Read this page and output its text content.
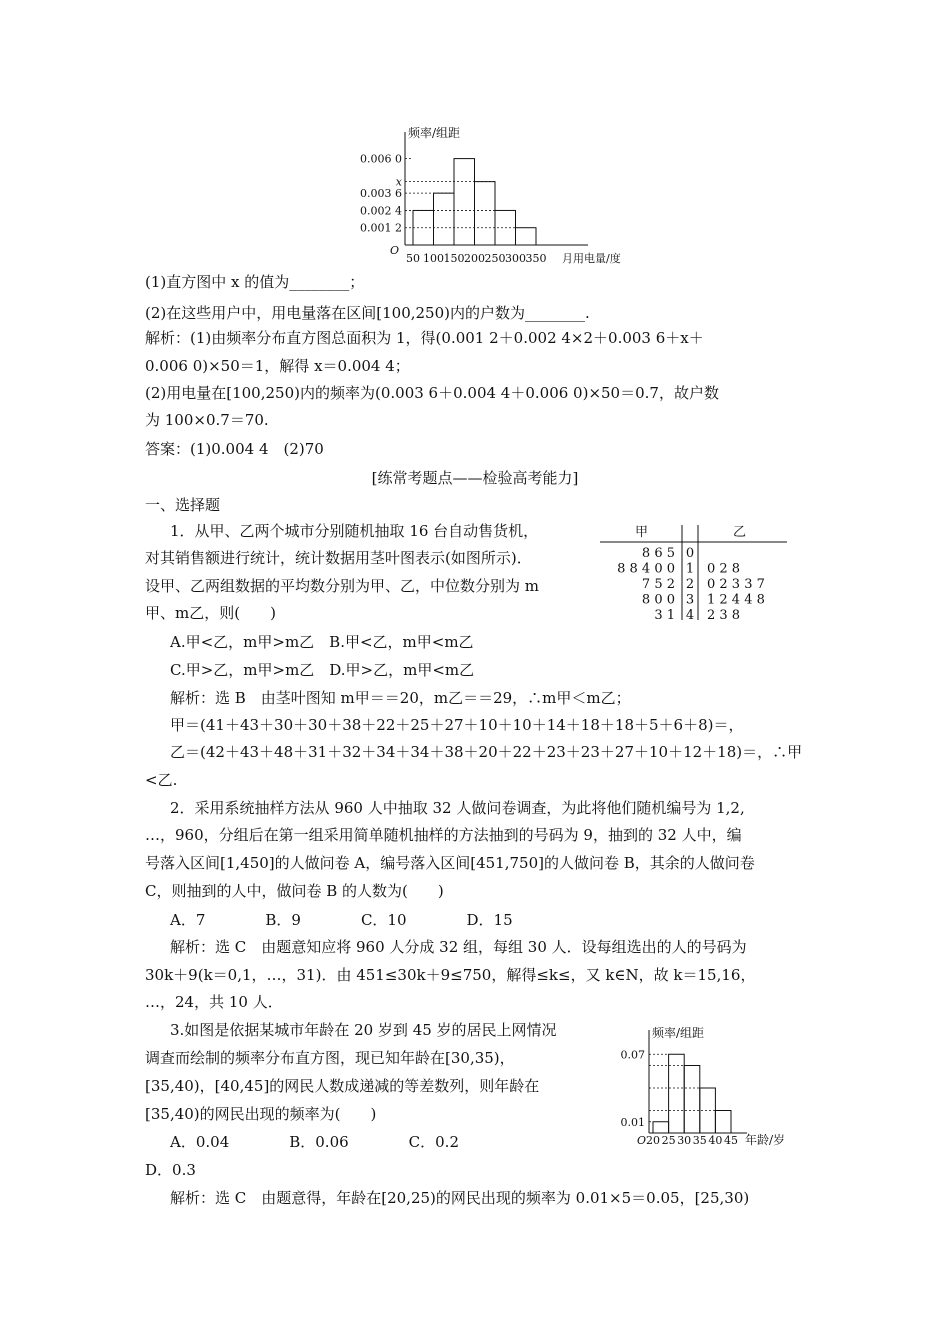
频率/组距
O
月用电量/度
0.006 0
x
0.003 6
0.002 4
0.001 2
50 100 150 200 250 300 350
(1)直方图中 x 的值为________；
(2)在这些用户中，用电量落在区间[100,250)内的户数为________.
解析：(1)由频率分布直方图总面积为 1，得(0.001 2＋0.002 4×2＋0.003 6＋x＋
0.006 0)×50＝1，解得 x＝0.004 4；
(2)用电量在[100,250)内的频率为(0.003 6＋0.004 4＋0.006 0)×50＝0.7，故户数
为 100×0.7＝70.
答案：(1)0.004 4　(2)70
[练常考题点——检验高考能力]
一、选择题
1．从甲、乙两个城市分别随机抽取 16 台自动售货机，
对其销售额进行统计，统计数据用茎叶图表示(如图所示)．
设甲、乙两组数据的平均数分别为甲、乙，中位数分别为 m
甲、m乙，则(　　)
甲	乙
8 6 5 0
8 8 4 0 0 1 0 2 8
7 5 2 2 0 2 3 3 7
8 0 0 3 1 2 4 4 8
3 1 4 2 3 8
A.甲<乙，m甲>m乙　B.甲<乙，m甲<m乙
C.甲>乙，m甲>m乙　D.甲>乙，m甲<m乙
解析：选 B　由茎叶图知 m甲＝＝20，m乙＝＝29，∴m甲＜m乙；
甲＝(41＋43＋30＋30＋38＋22＋25＋27＋10＋10＋14＋18＋18＋5＋6＋8)＝，
乙＝(42＋43＋48＋31＋32＋34＋34＋38＋20＋22＋23＋23＋27＋10＋12＋18)＝，∴甲
<乙.
2．采用系统抽样方法从 960 人中抽取 32 人做问卷调查，为此将他们随机编号为 1,2,
…，960，分组后在第一组采用简单随机抽样的方法抽到的号码为 9，抽到的 32 人中，编
号落入区间[1,450]的人做问卷 A，编号落入区间[451,750]的人做问卷 B，其余的人做问卷
C，则抽到的人中，做问卷 B 的人数为(　　)
A．7　　　　B．9　　　　C．10　　　　D．15
解析：选 C　由题意知应将 960 人分成 32 组，每组 30 人．设每组选出的人的号码为
30k＋9(k＝0,1，…，31)．由 451≤30k＋9≤750，解得≤k≤，又 k∈N，故 k＝15,16，
…，24，共 10 人．
3.如图是依据某城市年龄在 20 岁到 45 岁的居民上网情况
调查而绘制的频率分布直方图，现已知年龄在[30,35)，
[35,40)，[40,45]的网民人数成递减的等差数列，则年龄在
[35,40)的网民出现的频率为(　　)
A．0.04　　　　B．0.06　　　　C．0.2
D．0.3
解析：选 C　由题意得，年龄在[20,25)的网民出现的频率为 0.01×5＝0.05，[25,30)
频率/组距
O	年龄/岁
0.07
0.01
20 25 30 35 40 45
